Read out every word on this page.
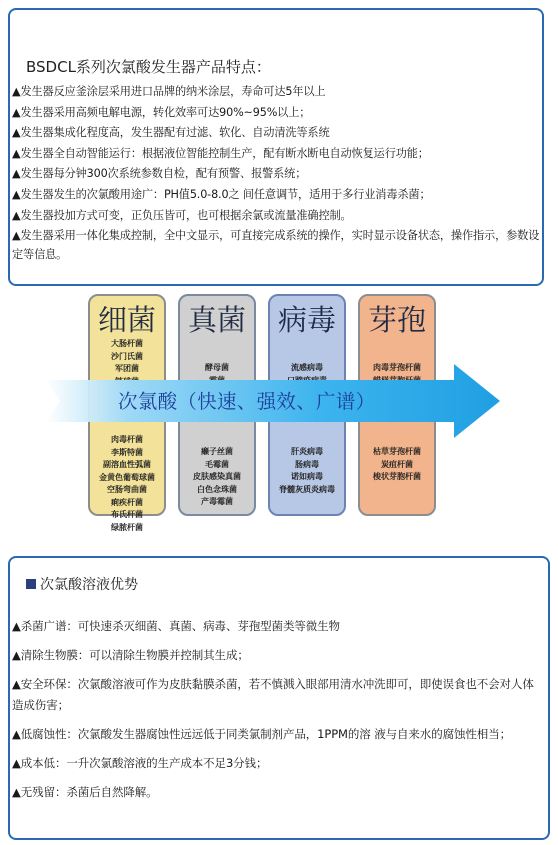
BSDCL系列次氯酸发生器产品特点：
▲发生器反应釜涂层采用进口品牌的纳米涂层，寿命可达5年以上
▲发生器采用高频电解电源，转化效率可达90%~95%以上；
▲发生器集成化程度高，发生器配有过滤、软化、自动清洗等系统
▲发生器全自动智能运行：根据液位智能控制生产，配有断水断电自动恢复运行功能；
▲发生器每分钟300次系统参数自检，配有预警、报警系统；
▲发生器发生的次氯酸用途广：PH值5.0-8.0之 间任意调节，适用于多行业消毒杀菌；
▲发生器投加方式可变，正负压皆可，也可根据余氯或流量准确控制。
▲发生器采用一体化集成控制，全中文显示，可直接完成系统的操作，实时显示设备状态，操作指示，参数设定等信息。
细菌
大肠杆菌
沙门氏菌
军团菌
肉毒杆菌
李斯特菌
副溶血性弧菌
金黄色葡萄球菌
空肠弯曲菌
痢疾杆菌
布氏杆菌
绿脓杆菌
真菌
酵母菌
癞子丝菌
毛霉菌
皮肤感染真菌
白色念珠菌
产毒霉菌
病毒
流感病毒
肝炎病毒
肠病毒
诺如病毒
脊髓灰质炎病毒
芽孢
肉毒芽孢杆菌
枯草芽孢杆菌
炭疽杆菌
梭状芽胞杆菌
次氯酸（快速、强效、广谱）
次氯酸溶液优势
▲杀菌广谱：可快速杀灭细菌、真菌、病毒、芽孢型菌类等微生物
▲清除生物膜：可以清除生物膜并控制其生成；
▲安全环保：次氯酸溶液可作为皮肤黏膜杀菌，若不慎溅入眼部用清水冲洗即可，即使误食也不会对人体造成伤害；
▲低腐蚀性：次氯酸发生器腐蚀性远远低于同类氯制剂产品，1PPM的溶 液与自来水的腐蚀性相当；
▲成本低：一升次氯酸溶液的生产成本不足3分钱；
▲无残留：杀菌后自然降解。
